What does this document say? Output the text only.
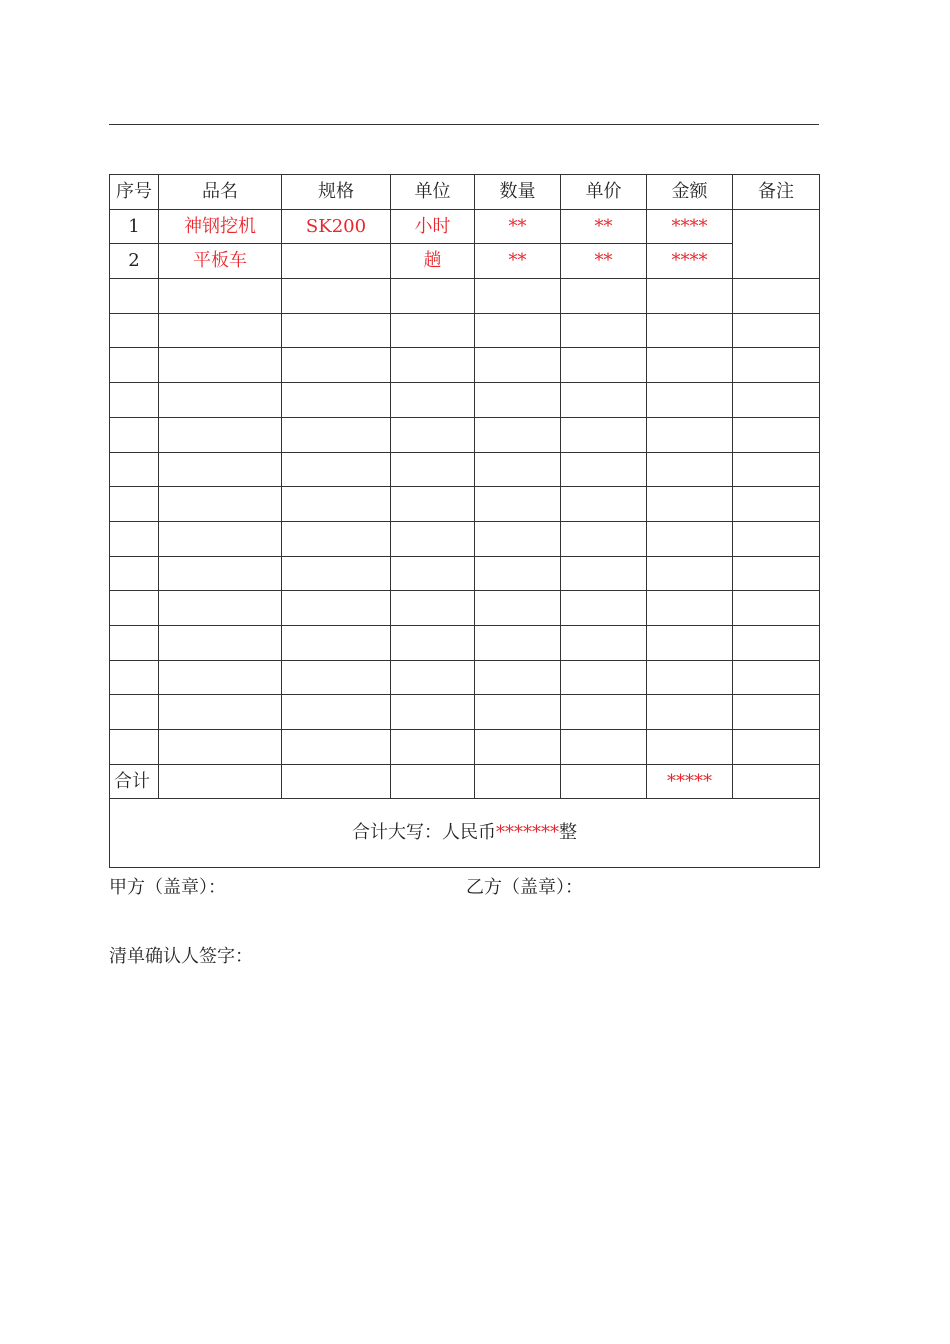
序号	品名	规格	单位	数量	单价	金额	备注
1	神钢挖机	SK200	小时	**	**	****	
2	平板车		趟	**	**	****	

合计						*****	
合计大写：人民币*******整							
甲方（盖章）：	乙方（盖章）：
清单确认人签字：
